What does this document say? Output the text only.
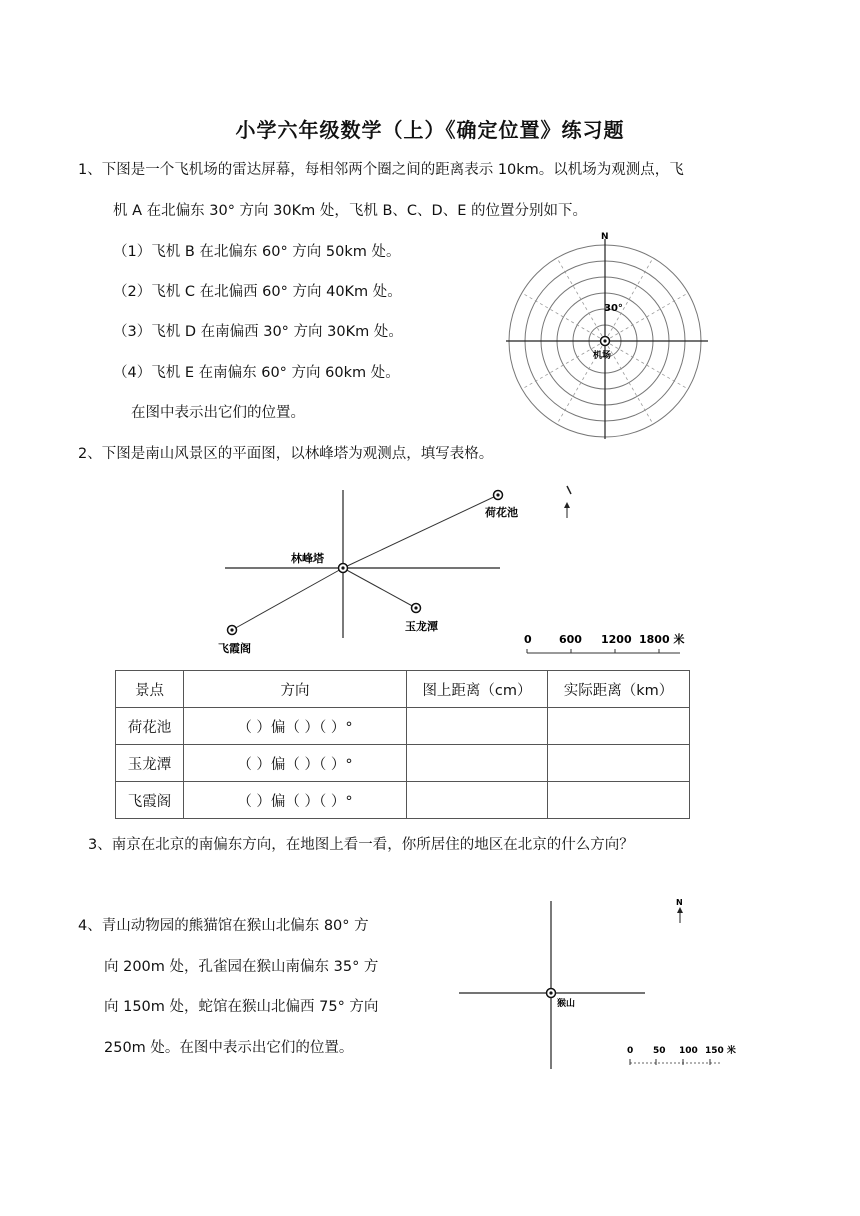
小学六年级数学（上）《确定位置》练习题
1、下图是一个飞机场的雷达屏幕，每相邻两个圈之间的距离表示 10km。以机场为观测点，飞
机 A 在北偏东 30° 方向 30Km 处，飞机 B、C、D、E 的位置分别如下。
（1）飞机 B 在北偏东 60° 方向 50km 处。
（2）飞机 C 在北偏西 60° 方向 40Km 处。
（3）飞机 D 在南偏西 30° 方向 30Km 处。
（4）飞机 E 在南偏东 60° 方向 60km 处。
在图中表示出它们的位置。
N
30°
机场
2、下图是南山风景区的平面图，以林峰塔为观测点，填写表格。
林峰塔
荷花池
玉龙潭
飞霞阁
0 600 1200 1800 米
景点	方向	图上距离（cm）	实际距离（km）
荷花池	（ ）偏（ ）（ ）°		
玉龙潭	（ ）偏（ ）（ ）°		
飞霞阁	（ ）偏（ ）（ ）°		
3、南京在北京的南偏东方向，在地图上看一看，你所居住的地区在北京的什么方向？
4、青山动物园的熊猫馆在猴山北偏东 80° 方
向 200m 处，孔雀园在猴山南偏东 35° 方
向 150m 处，蛇馆在猴山北偏西 75° 方向
250m 处。在图中表示出它们的位置。
猴山
N
0 50 100 150 米
